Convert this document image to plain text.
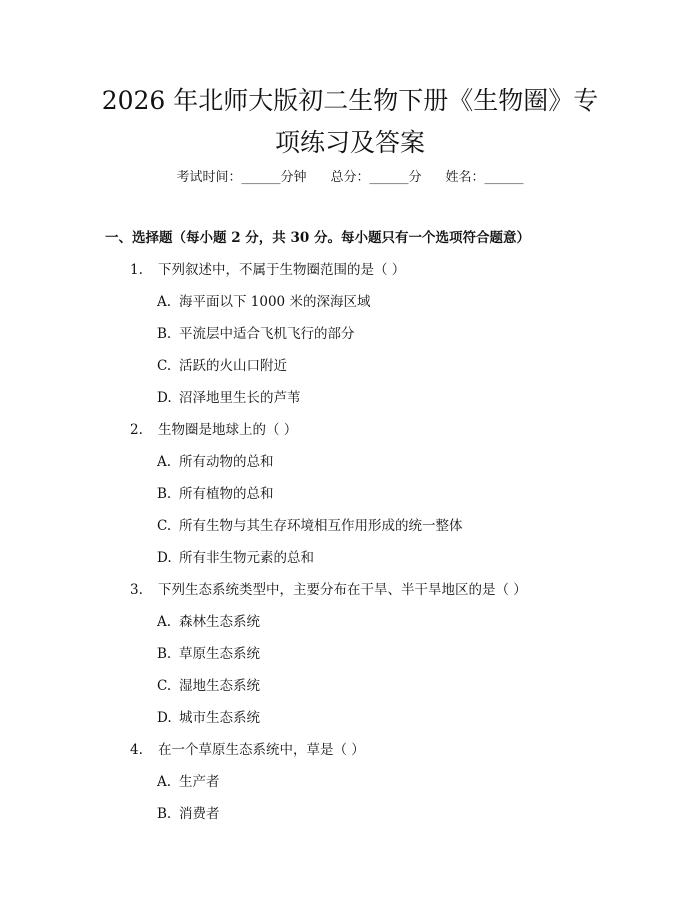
2026 年北师大版初二生物下册《生物圈》专
项练习及答案
考试时间：______分钟 总分：______分 姓名：______
一、选择题（每小题 2 分，共 30 分。每小题只有一个选项符合题意）
1. 下列叙述中，不属于生物圈范围的是（ ）
A. 海平面以下 1000 米的深海区域
B. 平流层中适合飞机飞行的部分
C. 活跃的火山口附近
D. 沼泽地里生长的芦苇
2. 生物圈是地球上的（ ）
A. 所有动物的总和
B. 所有植物的总和
C. 所有生物与其生存环境相互作用形成的统一整体
D. 所有非生物元素的总和
3. 下列生态系统类型中，主要分布在干旱、半干旱地区的是（ ）
A. 森林生态系统
B. 草原生态系统
C. 湿地生态系统
D. 城市生态系统
4. 在一个草原生态系统中，草是（ ）
A. 生产者
B. 消费者
